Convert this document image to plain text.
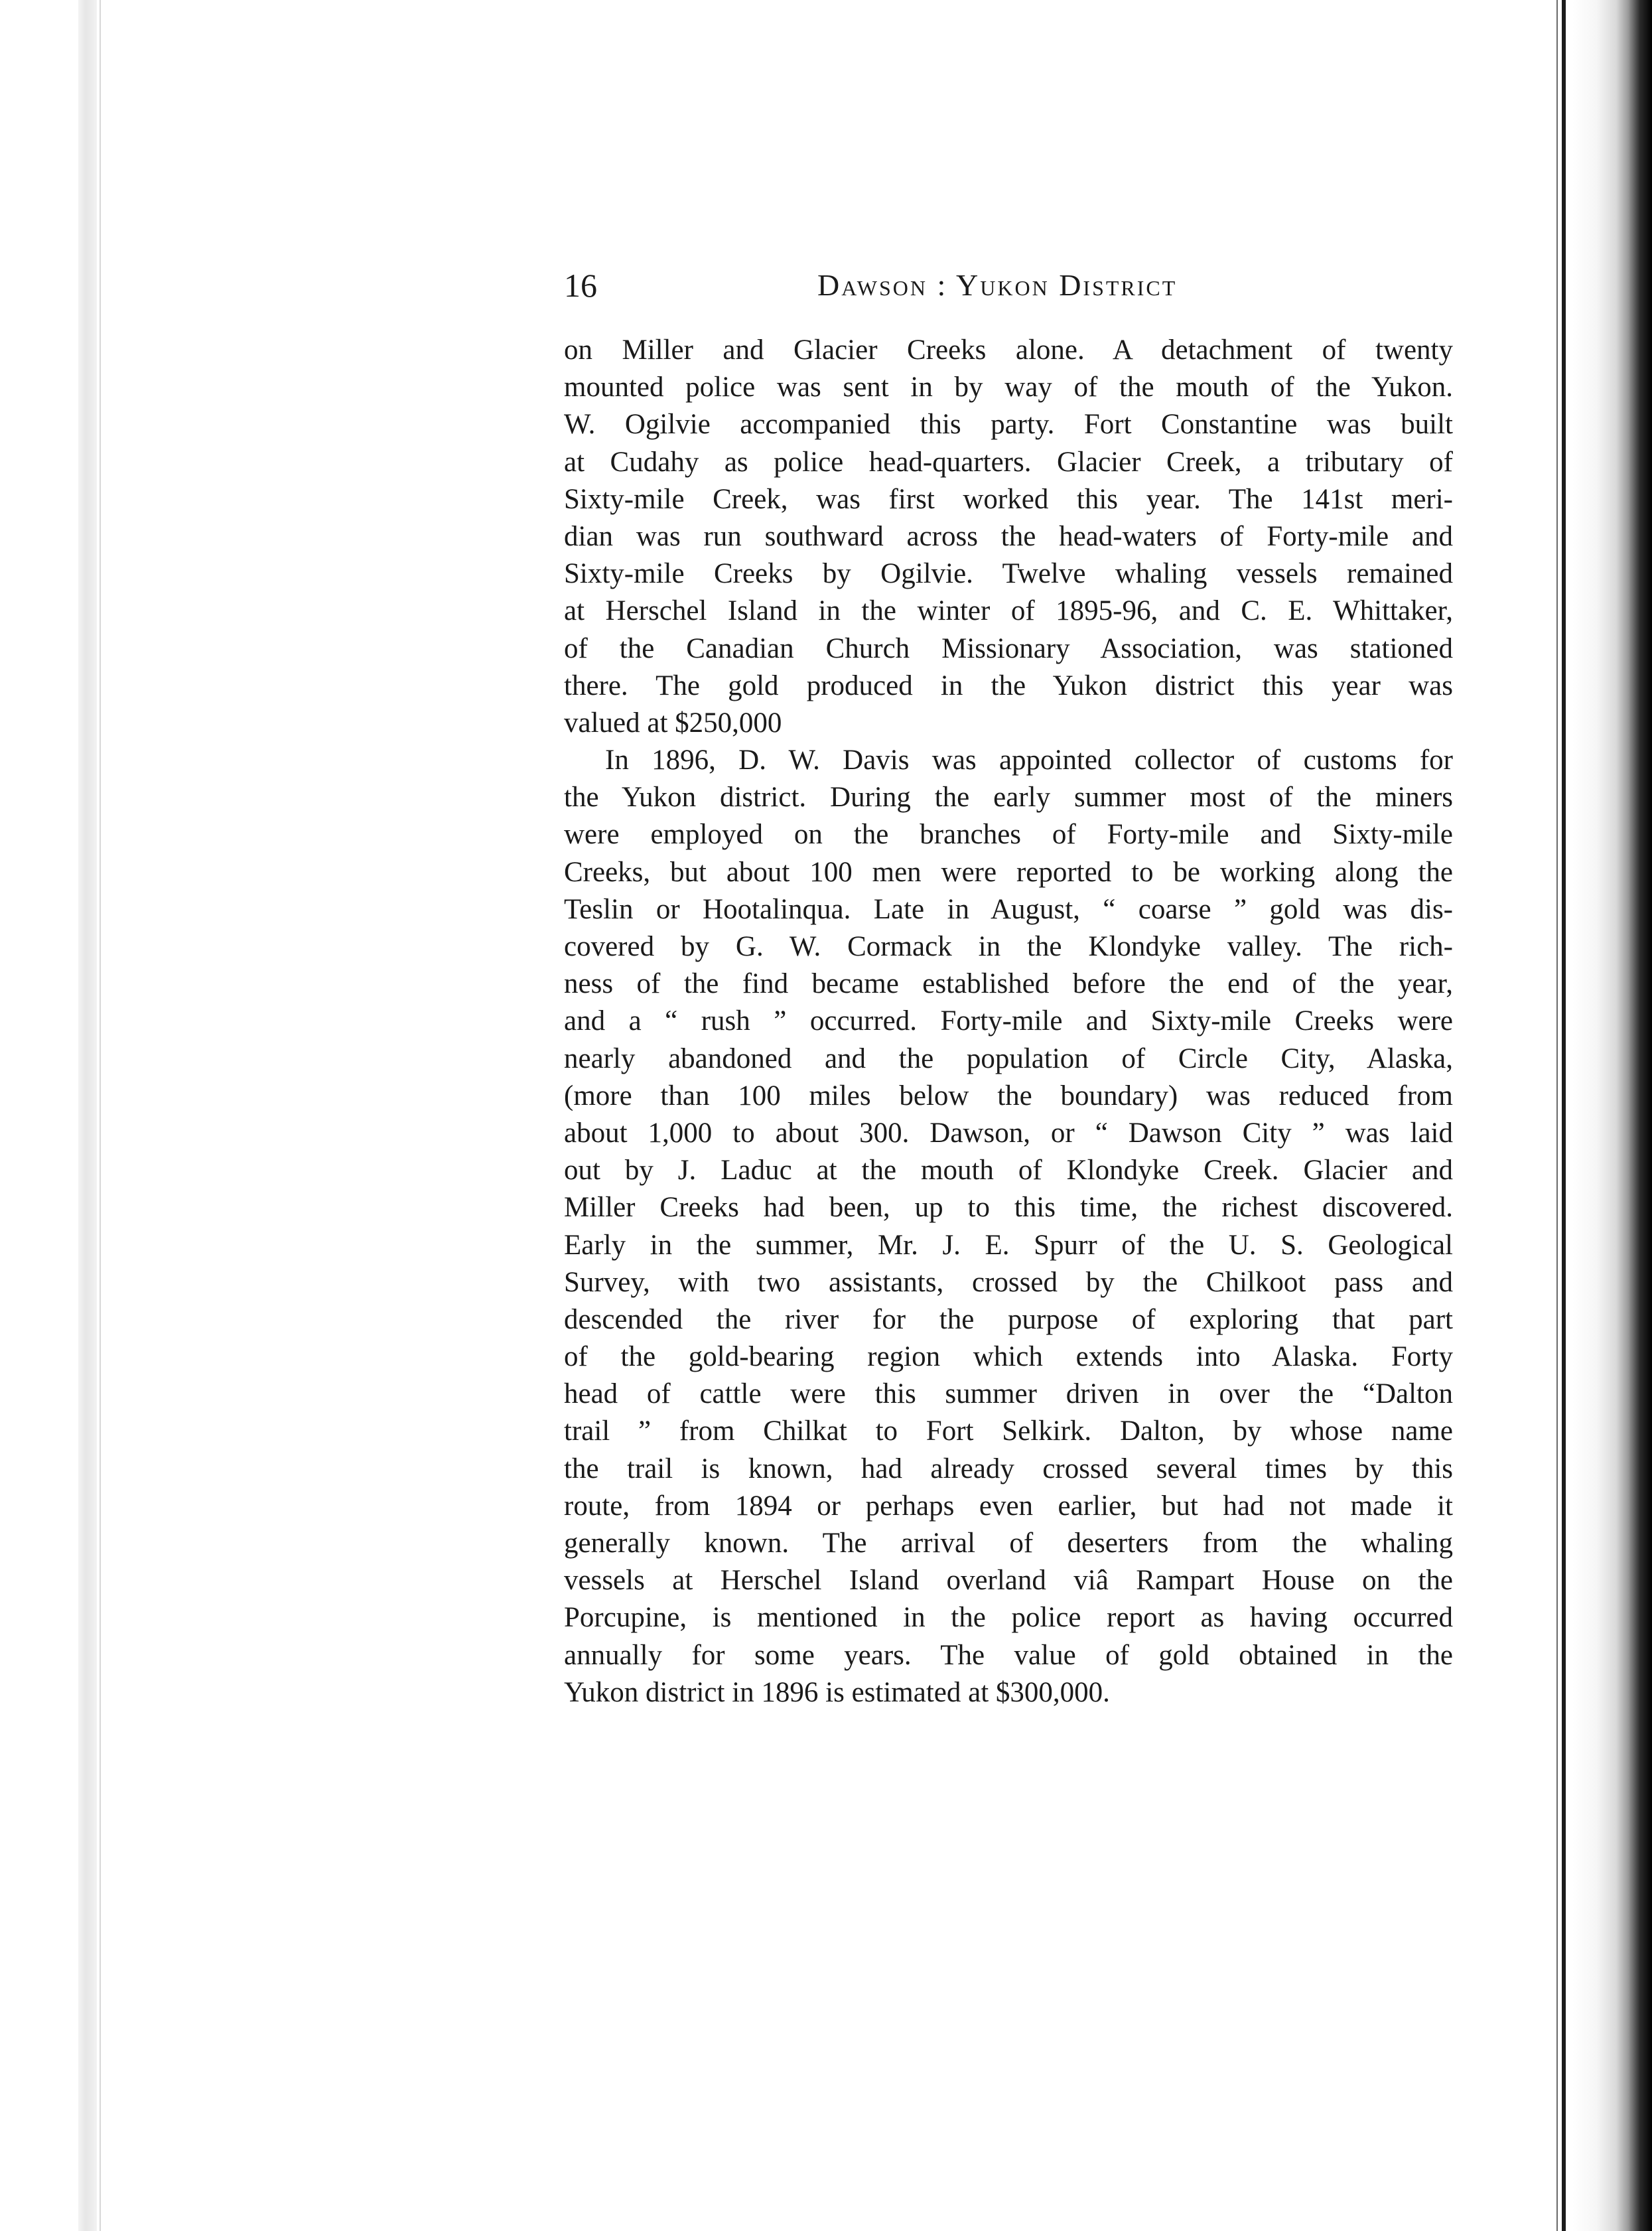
16	Dawson : Yukon District
on Miller and Glacier Creeks alone. A detachment of twenty
mounted police was sent in by way of the mouth of the Yukon.
W. Ogilvie accompanied this party. Fort Constantine was built
at Cudahy as police head-quarters. Glacier Creek, a tributary of
Sixty-mile Creek, was first worked this year. The 141st meri-
dian was run southward across the head-waters of Forty-mile and
Sixty-mile Creeks by Ogilvie. Twelve whaling vessels remained
at Herschel Island in the winter of 1895-96, and C. E. Whittaker,
of the Canadian Church Missionary Association, was stationed
there. The gold produced in the Yukon district this year was
valued at $250,000
In 1896, D. W. Davis was appointed collector of customs for
the Yukon district. During the early summer most of the miners
were employed on the branches of Forty-mile and Sixty-mile
Creeks, but about 100 men were reported to be working along the
Teslin or Hootalinqua. Late in August, “ coarse ” gold was dis-
covered by G. W. Cormack in the Klondyke valley. The rich-
ness of the find became established before the end of the year,
and a “ rush ” occurred. Forty-mile and Sixty-mile Creeks were
nearly abandoned and the population of Circle City, Alaska,
(more than 100 miles below the boundary) was reduced from
about 1,000 to about 300. Dawson, or “ Dawson City ” was laid
out by J. Laduc at the mouth of Klondyke Creek. Glacier and
Miller Creeks had been, up to this time, the richest discovered.
Early in the summer, Mr. J. E. Spurr of the U. S. Geological
Survey, with two assistants, crossed by the Chilkoot pass and
descended the river for the purpose of exploring that part
of the gold-bearing region which extends into Alaska. Forty
head of cattle were this summer driven in over the “Dalton
trail ” from Chilkat to Fort Selkirk. Dalton, by whose name
the trail is known, had already crossed several times by this
route, from 1894 or perhaps even earlier, but had not made it
generally known. The arrival of deserters from the whaling
vessels at Herschel Island overland viâ Rampart House on the
Porcupine, is mentioned in the police report as having occurred
annually for some years. The value of gold obtained in the
Yukon district in 1896 is estimated at $300,000.
